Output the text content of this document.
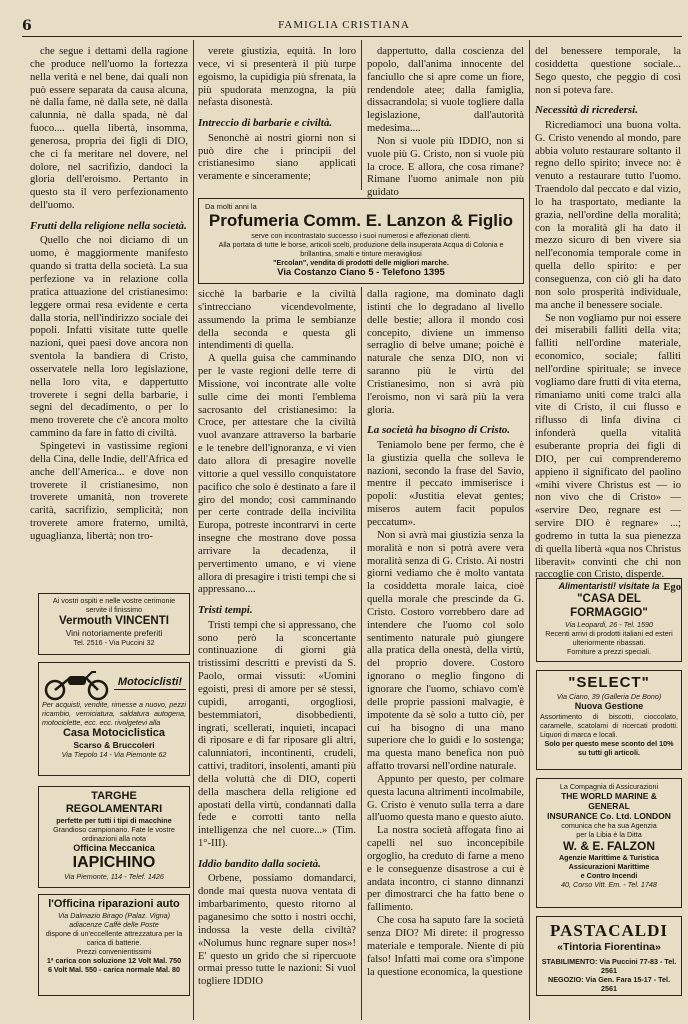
6	FAMIGLIA CRISTIANA

che segue i dettami della ragione che produce nell'uomo la fortezza nella verità e nel bene, dai quali non può essere separata da causa alcuna, nè dalla fame, nè dalla sete, nè dalla calunnia, nè dalla spada, nè dal fuoco.... quella libertà, insomma, generosa, propria dei figli di DIO, che ci fa meritare nel dovere, nel dolore, nel sacrifizio, dandoci la gloria dell'eroismo. Pertanto in questo sta il vero perfezionamento dell'uomo.

Frutti della religione nella società.

Quello che noi diciamo di un uomo, è maggiormente manifesto quando si tratta della società. La sua perfezione va in relazione colla pratica attuazione del cristianesimo: leggere ormai resa evidente e certa dalla storia, nell'indirizzo sociale dei popoli. Infatti visitate tutte quelle nazioni, quei paesi dove ancora non sventola la bandiera di Cristo, osservatele nella loro legislazione, nella loro vita, e dappertutto troverete i segni della barbarie, i segni del decadimento, o per lo meno troverete che c'è ancora molto cammino da fare in fatto di civiltà.

Spingetevi in vastissime regioni della Cina, delle Indie, dell'Africa ed anche dell'America... e dove non troverete il cristianesimo, non troverete umanità, non troverete carità, sacrifizio, semplicità; non troverete amore fraterno, umiltà, uguaglianza, libertà; non tro-

verete giustizia, equità. In loro vece, vi si presenterà il più turpe egoismo, la cupidigia più sfrenata, la più spudorata menzogna, la più nefasta disonestà.

Intreccio di barbarie e civiltà.

Senonchè ai nostri giorni non si può dire che i principii del cristianesimo siano applicati veramente e sinceramente;

dappertutto, dalla coscienza del popolo, dall'anima innocente del fanciullo che si apre come un fiore, rendendole atee; dalla famiglia, dissacrandola; si vuole togliere dalla legislazione, dall'autorità medesima....

Non si vuole più IDDIO, non si vuole più G. Cristo, non si vuole più la croce. E allora, che cosa rimane? Rimane l'uomo animale non più guidato

Da molti anni la
Profumeria Comm. E. Lanzon & Figlio
serve con incontrastato successo i suoi numerosi e affezionati clienti.
Alla portata di tutte le borse, articoli scelti, produzione della insuperata Acqua di Colonia e brillantina, smalti e tinture meravigliosi
"Ercolan", vendita di prodotti delle migliori marche.
Via Costanzo Ciano 5 - Telefono 1395

sicchè la barbarie e la civiltà s'intrecciano vicendevolmente, assumendo la prima le sembianze della seconda e questa gli intendimenti di quella.

A quella guisa che camminando per le vaste regioni delle terre di Missione, voi incontrate alle volte sulle cime dei monti l'emblema sacrosanto del cristianesimo: la Croce, per attestare che la civiltà vuol avanzare attraverso la barbarie e le tenebre dell'ignoranza, e vi vien dato allora di presagire novelle vittorie a quel vessillo conquistatore pacifico che solo è destinato a fare il giro del mondo; così camminando per certe contrade della incivilita Europa, potreste incontrarvi in certe insegne che mostrano dove possa arrivare la decadenza, il pervertimento umano, e vi viene allora di presagire i tristi tempi che si appressano....

Tristi tempi.

Tristi tempi che si appressano, che sono però la sconcertante continuazione di giorni già tristissimi descritti e previsti da S. Paolo, ormai vissuti: «Uomini egoisti, presi di amore per sè stessi, cupidi, arroganti, orgogliosi, bestemmiatori, disobbedienti, ingrati, scellerati, inquieti, incapaci di riposare e di far riposare gli altri, calunniatori, incontinenti, crudeli, cattivi, traditori, insolenti, amanti più della voluttà che di DIO, coperti della maschera della religione ed apostati della virtù, condannati dalla fede e corrotti tanto nella intelligenza che nel cuore...» (Tim. 1°-III).

Iddio bandito dalla società.

Orbene, possiamo domandarci, donde mai questa nuova ventata di imbarbarimento, questo ritorno al paganesimo che sotto i nostri occhi, indossa la veste della civiltà? «Nolumus hunc regnare super nos»! E' questo un grido che si ripercuote ormai presso tutte le nazioni: Si vuol togliere IDDIO

dalla ragione, ma dominato dagli istinti che lo degradano al livello delle bestie; allora il mondo così concepito, diviene un immenso serraglio di belve umane; poichè è naturale che senza DIO, non vi saranno più le virtù del Cristianesimo, non si avrà più l'eroismo, non vi sarà più la vera gloria.

La società ha bisogno di Cristo.

Teniamolo bene per fermo, che è la giustizia quella che solleva le nazioni, secondo la frase del Savio, mentre il peccato immiserisce i popoli: «Justitia elevat gentes; miseros autem facit populos peccatum».

Non si avrà mai giustizia senza la moralità e non si potrà avere vera moralità senza di G. Cristo. Ai nostri giorni vediamo che è molto vantata la cosiddetta morale laica, cioè quella morale che prescinde da G. Cristo. Costoro vorrebbero dare ad intendere che l'uomo col solo sentimento naturale può giungere alla pratica della onestà, della virtù, del proprio dovere. Costoro ignorano o meglio fingono di ignorare che l'uomo, schiavo com'è delle proprie passioni malvagie, è impotente da sè solo a tutto ciò, per cui ha bisogno di una mano superiore che lo guidi e lo sostenga; ma questa mano benefica non può affatto trovarsi nell'ordine naturale.

Appunto per questo, per colmare questa lacuna altrimenti incolmabile, G. Cristo è venuto sulla terra a dare all'uomo questa mano e questo aiuto.

La nostra società affogata fino ai capelli nel suo inconcepibile orgoglio, ha creduto di farne a meno e le conseguenze disastrose a cui è andata incontro, ci stanno dinnanzi per dimostrarci che ha fatto bene o fallimento.

Che cosa ha saputo fare la società senza DIO? Mi direte: il progresso materiale e temporale. Niente di più falso! Infatti mai come ora s'impone la questione economica, la questione

del benessere temporale, la cosiddetta questione sociale... Sego questo, che peggio di così non si poteva fare.

Necessità di ricredersi.

Ricrediamoci una buona volta. G. Cristo venendo al mondo, pare abbia voluto restaurare soltanto il regno dello spirito; invece no: è venuto a restaurare tutto l'uomo. Traendolo dal peccato e dal vizio, lo ha trasportato, mediante la grazia, nell'ordine della moralità; con la moralità gli ha dato il mezzo sicuro di ben vivere sia nell'economia temporale come in quella dello spirito: e per conseguenza, con ciò gli ha dato non solo prosperità individuale, ma anche il benessere sociale.

Se non vogliamo pur noi essere dei miserabili falliti della vita; falliti nell'ordine materiale, economico, sociale; falliti nell'ordine spirituale; se invece vogliamo dare frutti di vita eterna, rimaniamo uniti come tralci alla vite di Cristo, il cui flusso e riflusso di linfa divina ci infonderà quella vitalità esuberante propria dei figli di DIO, per cui comprenderemo appieno il significato del paolino «mihi vivere Christus est — io non vivo che di Cristo» — «servire Deo, regnare est — servire DIO è regnare» ...; godremo in tutta la sua pienezza di quella libertà «qua nos Christus liberavit» convinti che chi non raccoglie con Cristo, disperde.

Ego
Ai vostri ospiti e nelle vostre cerimonie servite il finissimo
Vermouth VINCENTI
Vini notoriamente preferiti
Tel. 2516 - Via Puccini 32
Motociclisti!
Per acquisti, vendite, rimesse a nuovo, pezzi ricambio, verniciatura, saldatura autogena, motociclette, ecc. ecc. rivolgetevi alla
Casa Motociclistica
Scarso & Bruccoleri
Via Tiepolo 14 - Via Piemonte 62
TARGHE REGOLAMENTARI
perfette per tutti i tipi di macchine
Grandioso campionario. Fate le vostre ordinazioni alla nota
Officina Meccanica
IAPICHINO
Via Piemonte, 114 - Telef. 1426
l'Officina riparazioni auto
Via Dalmazio Birago (Palaz. Vigna) adiacenze Caffè delle Poste
dispone di un'eccellente attrezzatura per la carica di batterie.
Prezzi convenientissimi
1ª carica con soluzione 12 Volt Mal. 750
6 Volt Mal. 550 - carica normale Mal. 80
Alimentaristi! visitate la
"CASA DEL FORMAGGIO"
Via Leopardi, 26 - Tel. 1590
Recenti arrivi di prodotti italiani ed esteri ulteriormente ribassati.
Forniture a prezzi speciali.
"SELECT"
Via Ciano, 39 (Galleria De Bono)
Nuova Gestione
Assortimento di biscotti, cioccolato, caramelle, scatolami di ricercati prodotti. Liquori di marca e locali.
Solo per questo mese sconto del 10% su tutti gli articoli.
La Compagnia di Assicurazioni
THE WORLD MARINE & GENERAL
INSURANCE Co. Ltd. LONDON
comunica che ha sua Agenzia
per la Libia è la Ditta
W. & E. FALZON
Agenzie Marittime & Turistica
Assicurazioni Marittime
e Contro Incendi
40, Corso Vitt. Em. - Tel. 1748
PASTACALDI
«Tintoria Fiorentina»
STABILIMENTO: Via Puccini 77-83 - Tel. 2561
NEGOZIO: Via Gen. Fara 15-17 - Tel. 2561
